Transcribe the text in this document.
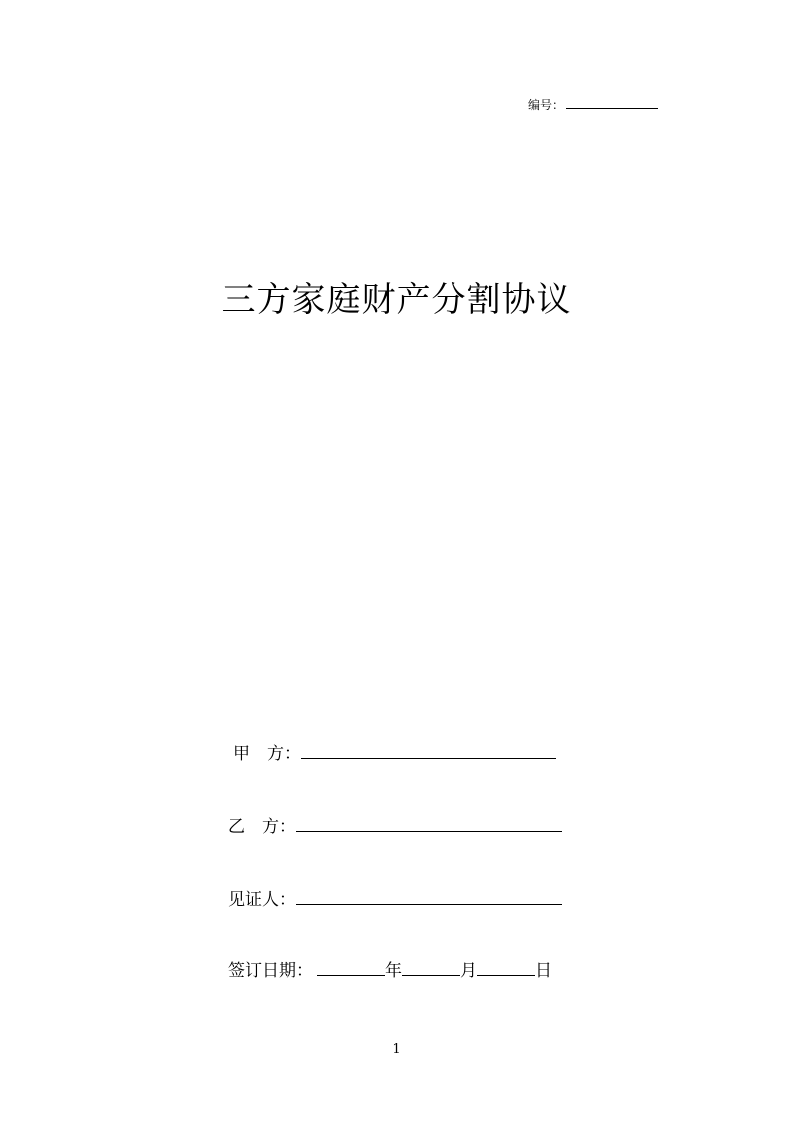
编号：
三方家庭财产分割协议
甲　方：
乙　方：
见证人：
签订日期：	年	月	日
1
